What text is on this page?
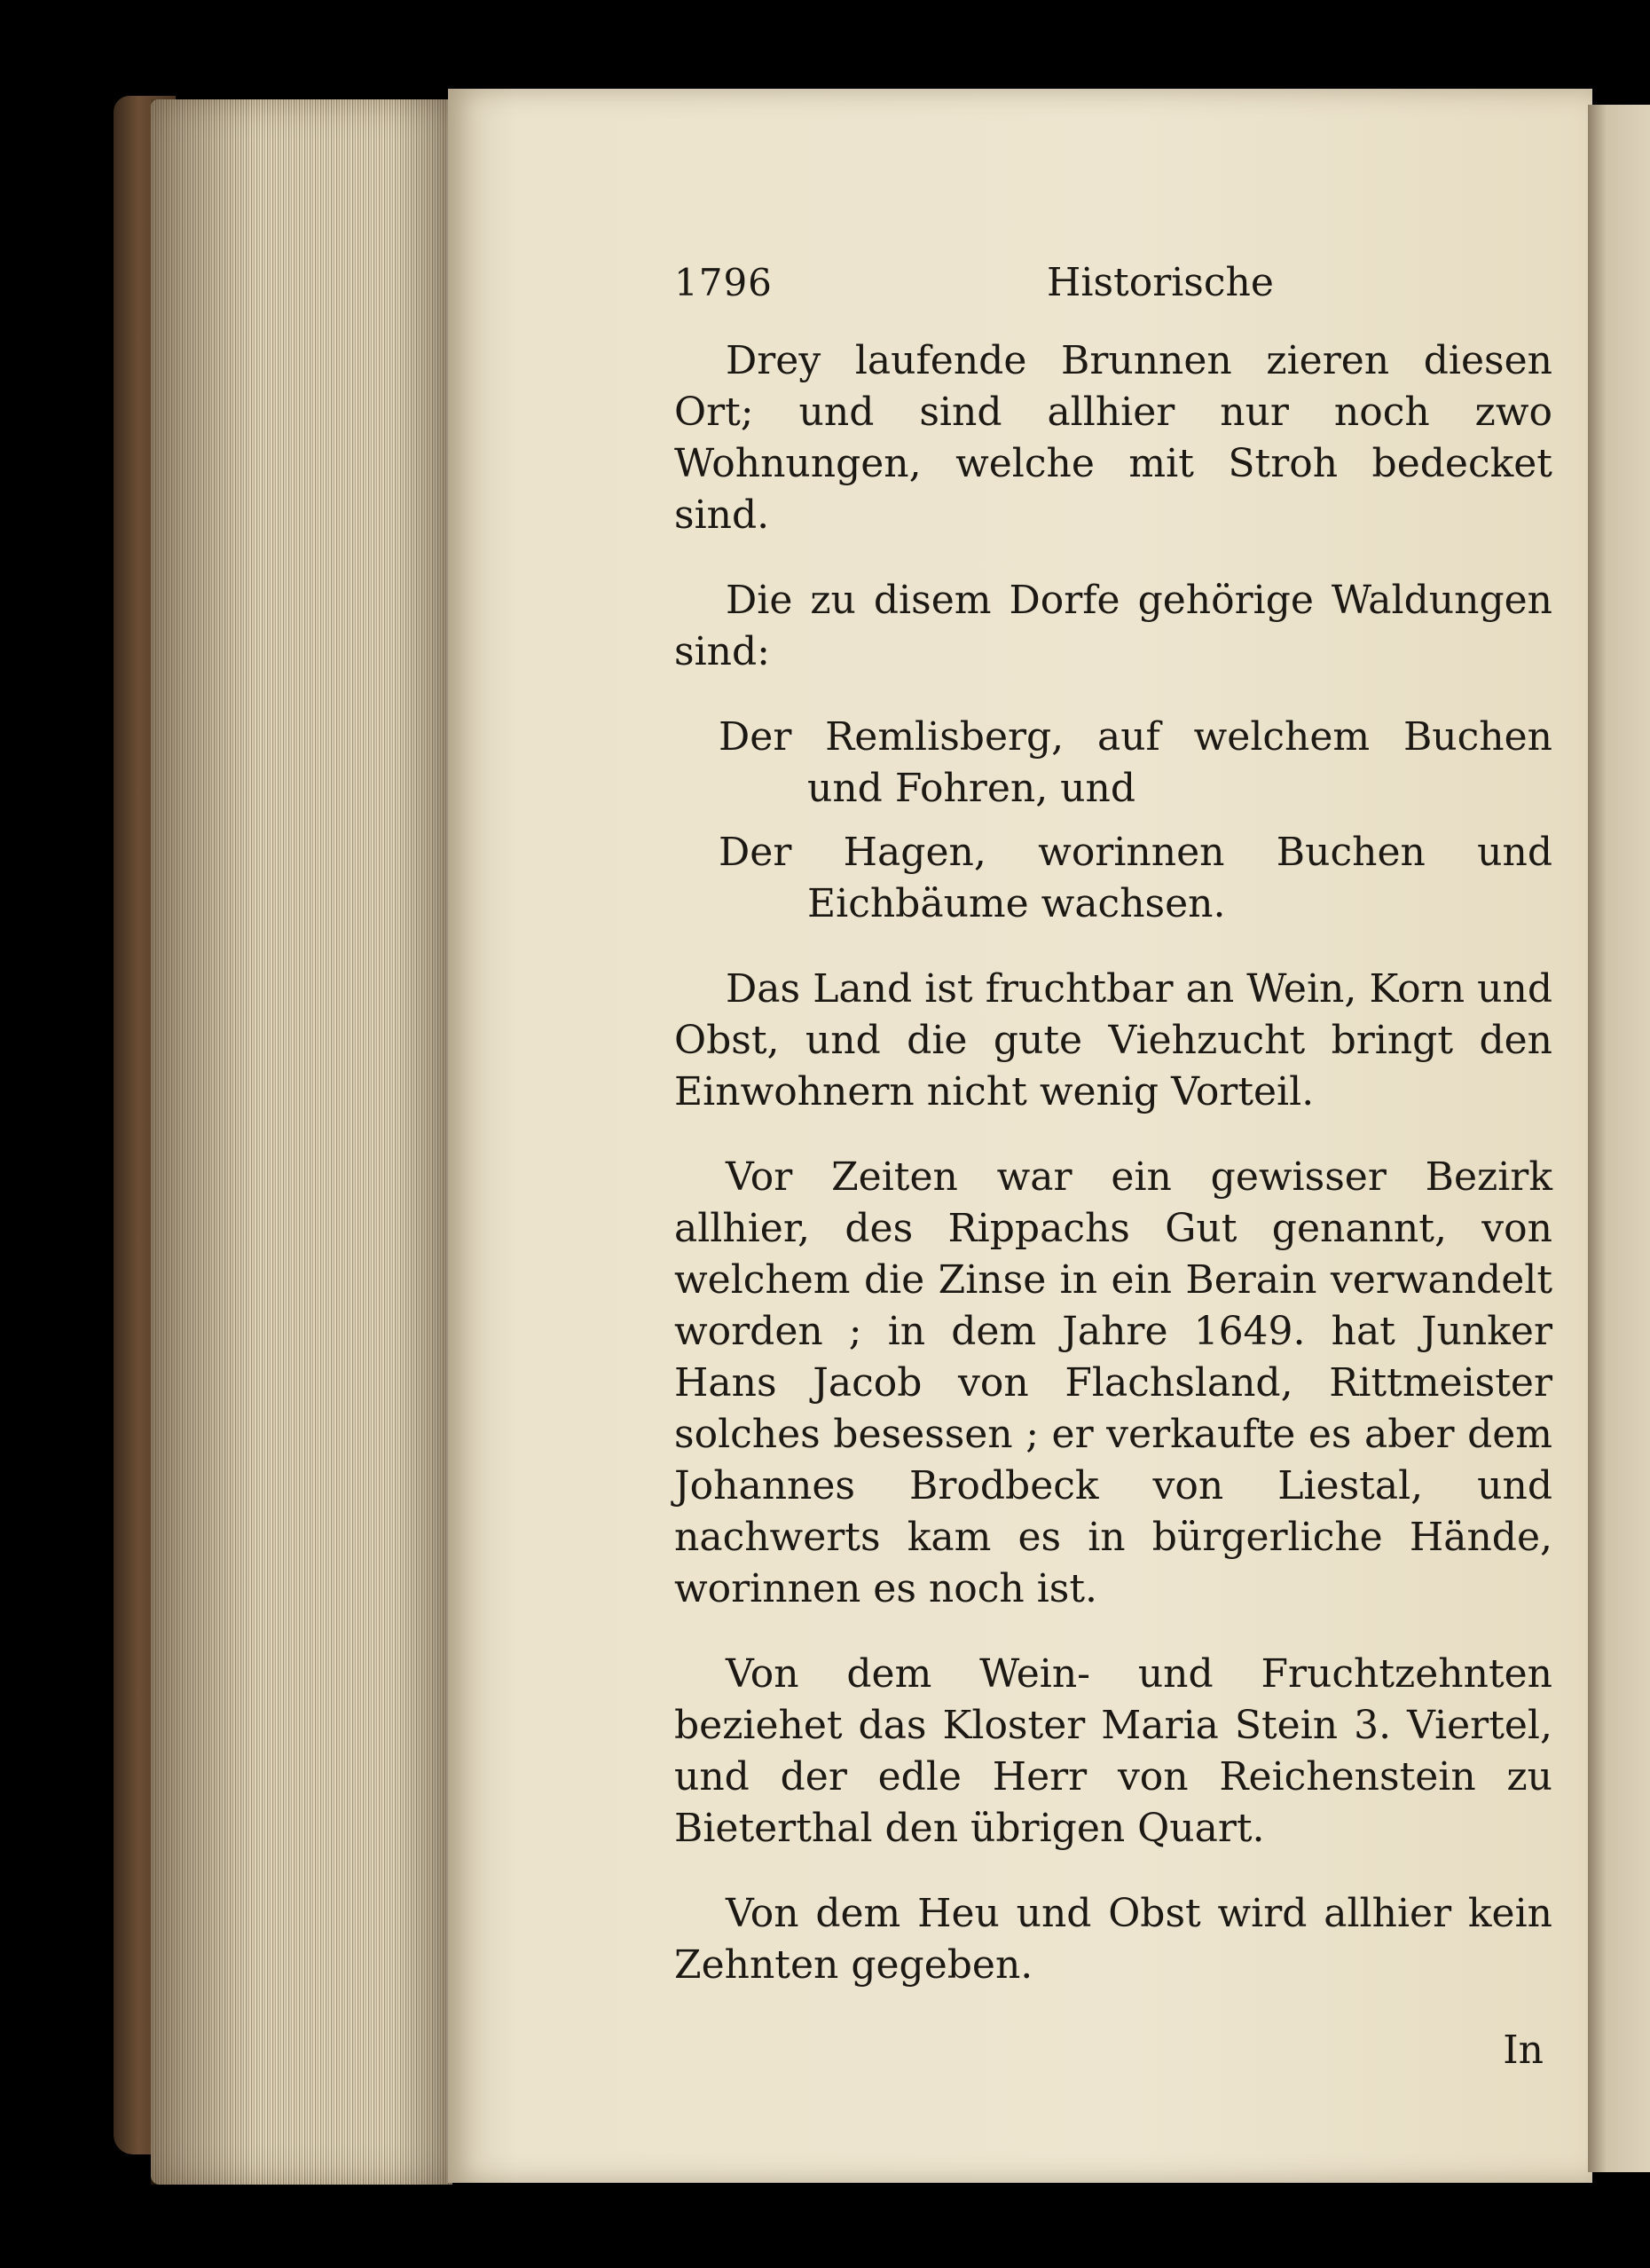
1796	Historische

Drey laufende Brunnen zieren diesen Ort; und sind allhier nur noch zwo Wohnungen, welche mit Stroh bedecket sind.

Die zu disem Dorfe gehörige Waldungen sind:

Der Remlisberg, auf welchem Buchen und Fohren, und

Der Hagen, worinnen Buchen und Eichbäume wachsen.

Das Land ist fruchtbar an Wein, Korn und Obst, und die gute Viehzucht bringt den Einwohnern nicht wenig Vorteil.

Vor Zeiten war ein gewisser Bezirk allhier, des Rippachs Gut genannt, von welchem die Zinse in ein Berain verwandelt worden ; in dem Jahre 1649. hat Junker Hans Jacob von Flachsland, Rittmeister solches besessen ; er verkaufte es aber dem Johannes Brodbeck von Liestal, und nachwerts kam es in bürgerliche Hände, worinnen es noch ist.

Von dem Wein- und Fruchtzehnten beziehet das Kloster Maria Stein 3. Viertel, und der edle Herr von Reichenstein zu Bieterthal den übrigen Quart.

Von dem Heu und Obst wird allhier kein Zehnten gegeben.

In
